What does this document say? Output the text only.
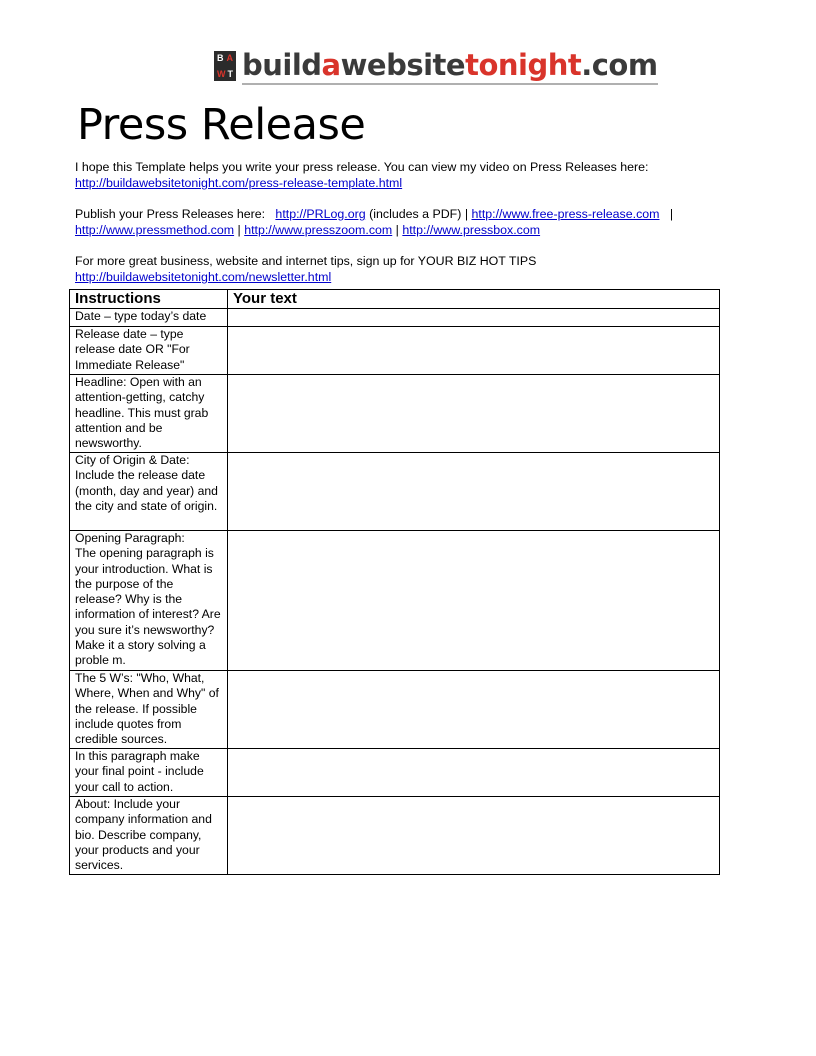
B A
W T buildawebsitetonight.com
Press Release
I hope this Template helps you write your press release. You can view my video on Press Releases here:
http://buildawebsitetonight.com/press-release-template.html
Publish your Press Releases here: http://PRLog.org (includes a PDF) | http://www.free-press-release.com   |
http://www.pressmethod.com | http://www.presszoom.com | http://www.pressbox.com
For more great business, website and internet tips, sign up for YOUR BIZ HOT TIPS
http://buildawebsitetonight.com/newsletter.html
Instructions	Your text
Date – type today’s date	
Release date – type release date OR "For Immediate Release"	
Headline: Open with an attention-getting, catchy headline. This must grab attention and be newsworthy.	
City of Origin & Date: Include the release date (month, day and year) and the city and state of origin.	
Opening Paragraph:
The opening paragraph is your introduction. What is the purpose of the release? Why is the information of interest? Are you sure it’s newsworthy? Make it a story solving a proble m.	
The 5 W’s: "Who, What, Where, When and Why" of the release. If possible include quotes from credible sources.	
In this paragraph make your final point - include your call to action.	
About: Include your company information and bio. Describe company, your products and your services.	
